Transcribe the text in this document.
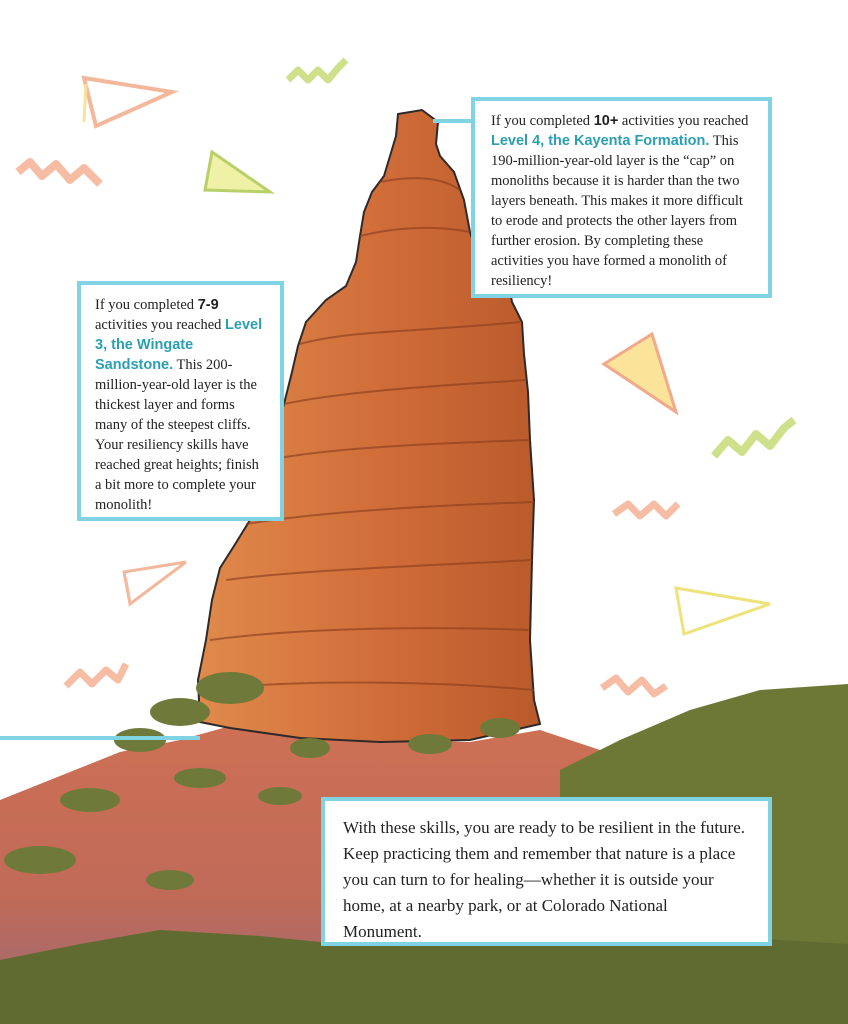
If you completed 10+ activities you reached Level 4, the Kayenta Formation. This 190-million-year-old layer is the “cap” on monoliths because it is harder than the two layers beneath. This makes it more difficult to erode and protects the other layers from further erosion. By completing these activities you have formed a monolith of resiliency!
If you completed 7-9 activities you reached Level 3, the Wingate Sandstone. This 200-million-year-old layer is the thickest layer and forms many of the steepest cliffs. Your resiliency skills have reached great heights; finish a bit more to complete your monolith!
With these skills, you are ready to be resilient in the future. Keep practicing them and remember that nature is a place you can turn to for healing—whether it is outside your home, at a nearby park, or at Colorado National Monument.
